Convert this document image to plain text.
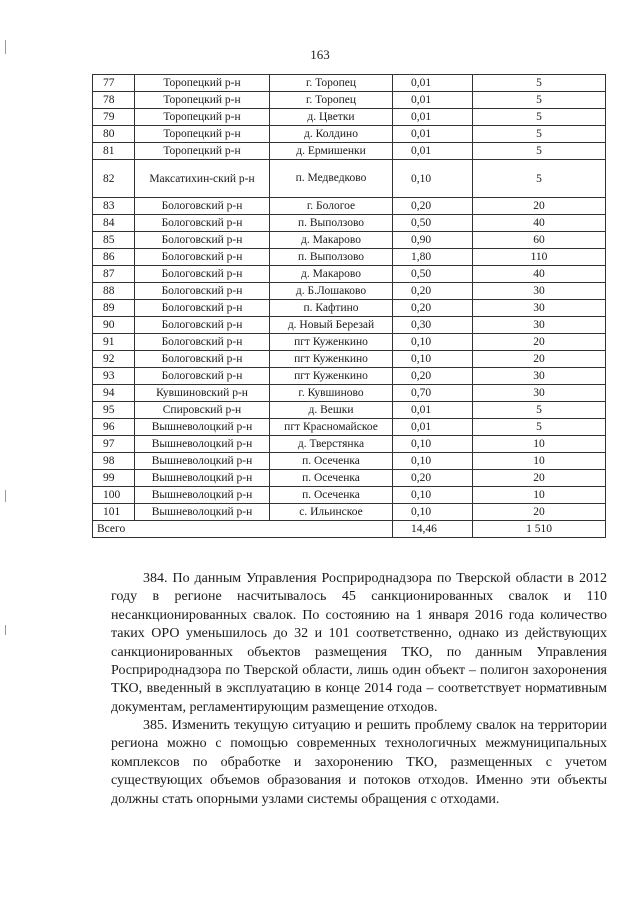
163
77	Торопецкий р-н	г. Торопец	0,01	5
78	Торопецкий р-н	г. Торопец	0,01	5
79	Торопецкий р-н	д. Цветки	0,01	5
80	Торопецкий р-н	д. Колдино	0,01	5
81	Торопецкий р-н	д. Ермишенки	0,01	5
82	Максатихин-ский р-н	п. Медведково	0,10	5
83	Бологовский р-н	г. Бологое	0,20	20
84	Бологовский р-н	п. Выползово	0,50	40
85	Бологовский р-н	д. Макарово	0,90	60
86	Бологовский р-н	п. Выползово	1,80	110
87	Бологовский р-н	д. Макарово	0,50	40
88	Бологовский р-н	д. Б.Лошаково	0,20	30
89	Бологовский р-н	п. Кафтино	0,20	30
90	Бологовский р-н	д. Новый Березай	0,30	30
91	Бологовский р-н	пгт Куженкино	0,10	20
92	Бологовский р-н	пгт Куженкино	0,10	20
93	Бологовский р-н	пгт Куженкино	0,20	30
94	Кувшиновский р-н	г. Кувшиново	0,70	30
95	Спировский р-н	д. Вешки	0,01	5
96	Вышневолоцкий р-н	пгт Красномайское	0,01	5
97	Вышневолоцкий р-н	д. Тверстянка	0,10	10
98	Вышневолоцкий р-н	п. Осеченка	0,10	10
99	Вышневолоцкий р-н	п. Осеченка	0,20	20
100	Вышневолоцкий р-н	п. Осеченка	0,10	10
101	Вышневолоцкий р-н	с. Ильинское	0,10	20
Всего			14,46	1 510

384. По данным Управления Росприроднадзора по Тверской области в 2012 году в регионе насчитывалось 45 санкционированных свалок и 110 несанкционированных свалок. По состоянию на 1 января 2016 года количество таких ОРО уменьшилось до 32 и 101 соответственно, однако из действующих санкционированных объектов размещения ТКО, по данным Управления Росприроднадзора по Тверской области, лишь один объект – полигон захоронения ТКО, введенный в эксплуатацию в конце 2014 года – соответствует нормативным документам, регламентирующим размещение отходов.

385. Изменить текущую ситуацию и решить проблему свалок на территории региона можно с помощью современных технологичных межмуниципальных комплексов по обработке и захоронению ТКО, размещенных с учетом существующих объемов образования и потоков отходов. Именно эти объекты должны стать опорными узлами системы обращения с отходами.
